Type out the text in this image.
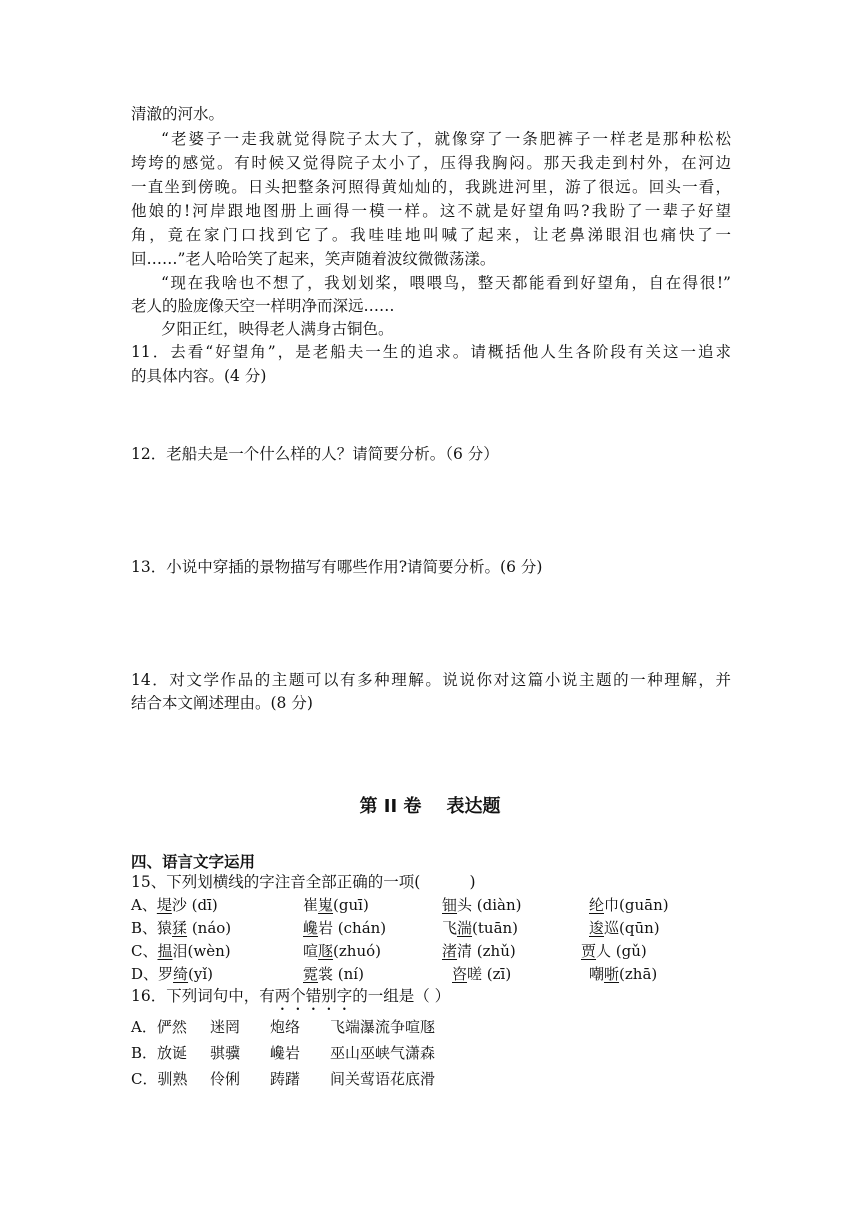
清澈的河水。
“老婆子一走我就觉得院子太大了，就像穿了一条肥裤子一样老是那种松松
垮垮的感觉。有时候又觉得院子太小了，压得我胸闷。那天我走到村外，在河边
一直坐到傍晚。日头把整条河照得黄灿灿的，我跳进河里，游了很远。回头一看，
他娘的!河岸跟地图册上画得一模一样。这不就是好望角吗?我盼了一辈子好望
角，竟在家门口找到它了。我哇哇地叫喊了起来，让老鼻涕眼泪也痛快了一
回……”老人哈哈笑了起来，笑声随着波纹微微荡漾。
“现在我啥也不想了，我划划桨，喂喂鸟，整天都能看到好望角，自在得很!”
老人的脸庞像天空一样明净而深远……
夕阳正红，映得老人满身古铜色。
11．去看“好望角”，是老船夫一生的追求。请概括他人生各阶段有关这一追求
的具体内容。(4 分)
12．老船夫是一个什么样的人？请简要分析。（6 分）
13．小说中穿插的景物描写有哪些作用?请简要分析。(6 分)
14．对文学作品的主题可以有多种理解。说说你对这篇小说主题的一种理解，并
结合本文阐述理由。(8 分)
第 II 卷    表达题
四、语言文字运用
15、下列划横线的字注音全部正确的一项(          )
A、堤沙 (dī)	崔嵬(guī)	钿头 (diàn)	纶巾(guān)
B、猿猱 (náo)	巉岩 (chán)	飞湍(tuān)	逡巡(qūn)
C、揾泪(wèn)	喧豗(zhuó)	渚清 (zhǔ)	贾人 (gǔ)
D、罗绮(yǐ)	霓裳 (ní)	咨嗟 (zī)	嘲哳(zhā)
16．下列词句中，有两个错别字的一组是（ ）
A．俨然 迷罔 炮络 飞端瀑流争喧豗
B．放诞 骐骥 巉岩 巫山巫峡气潇森
C．驯熟 伶俐 踌躇 间关莺语花底滑
